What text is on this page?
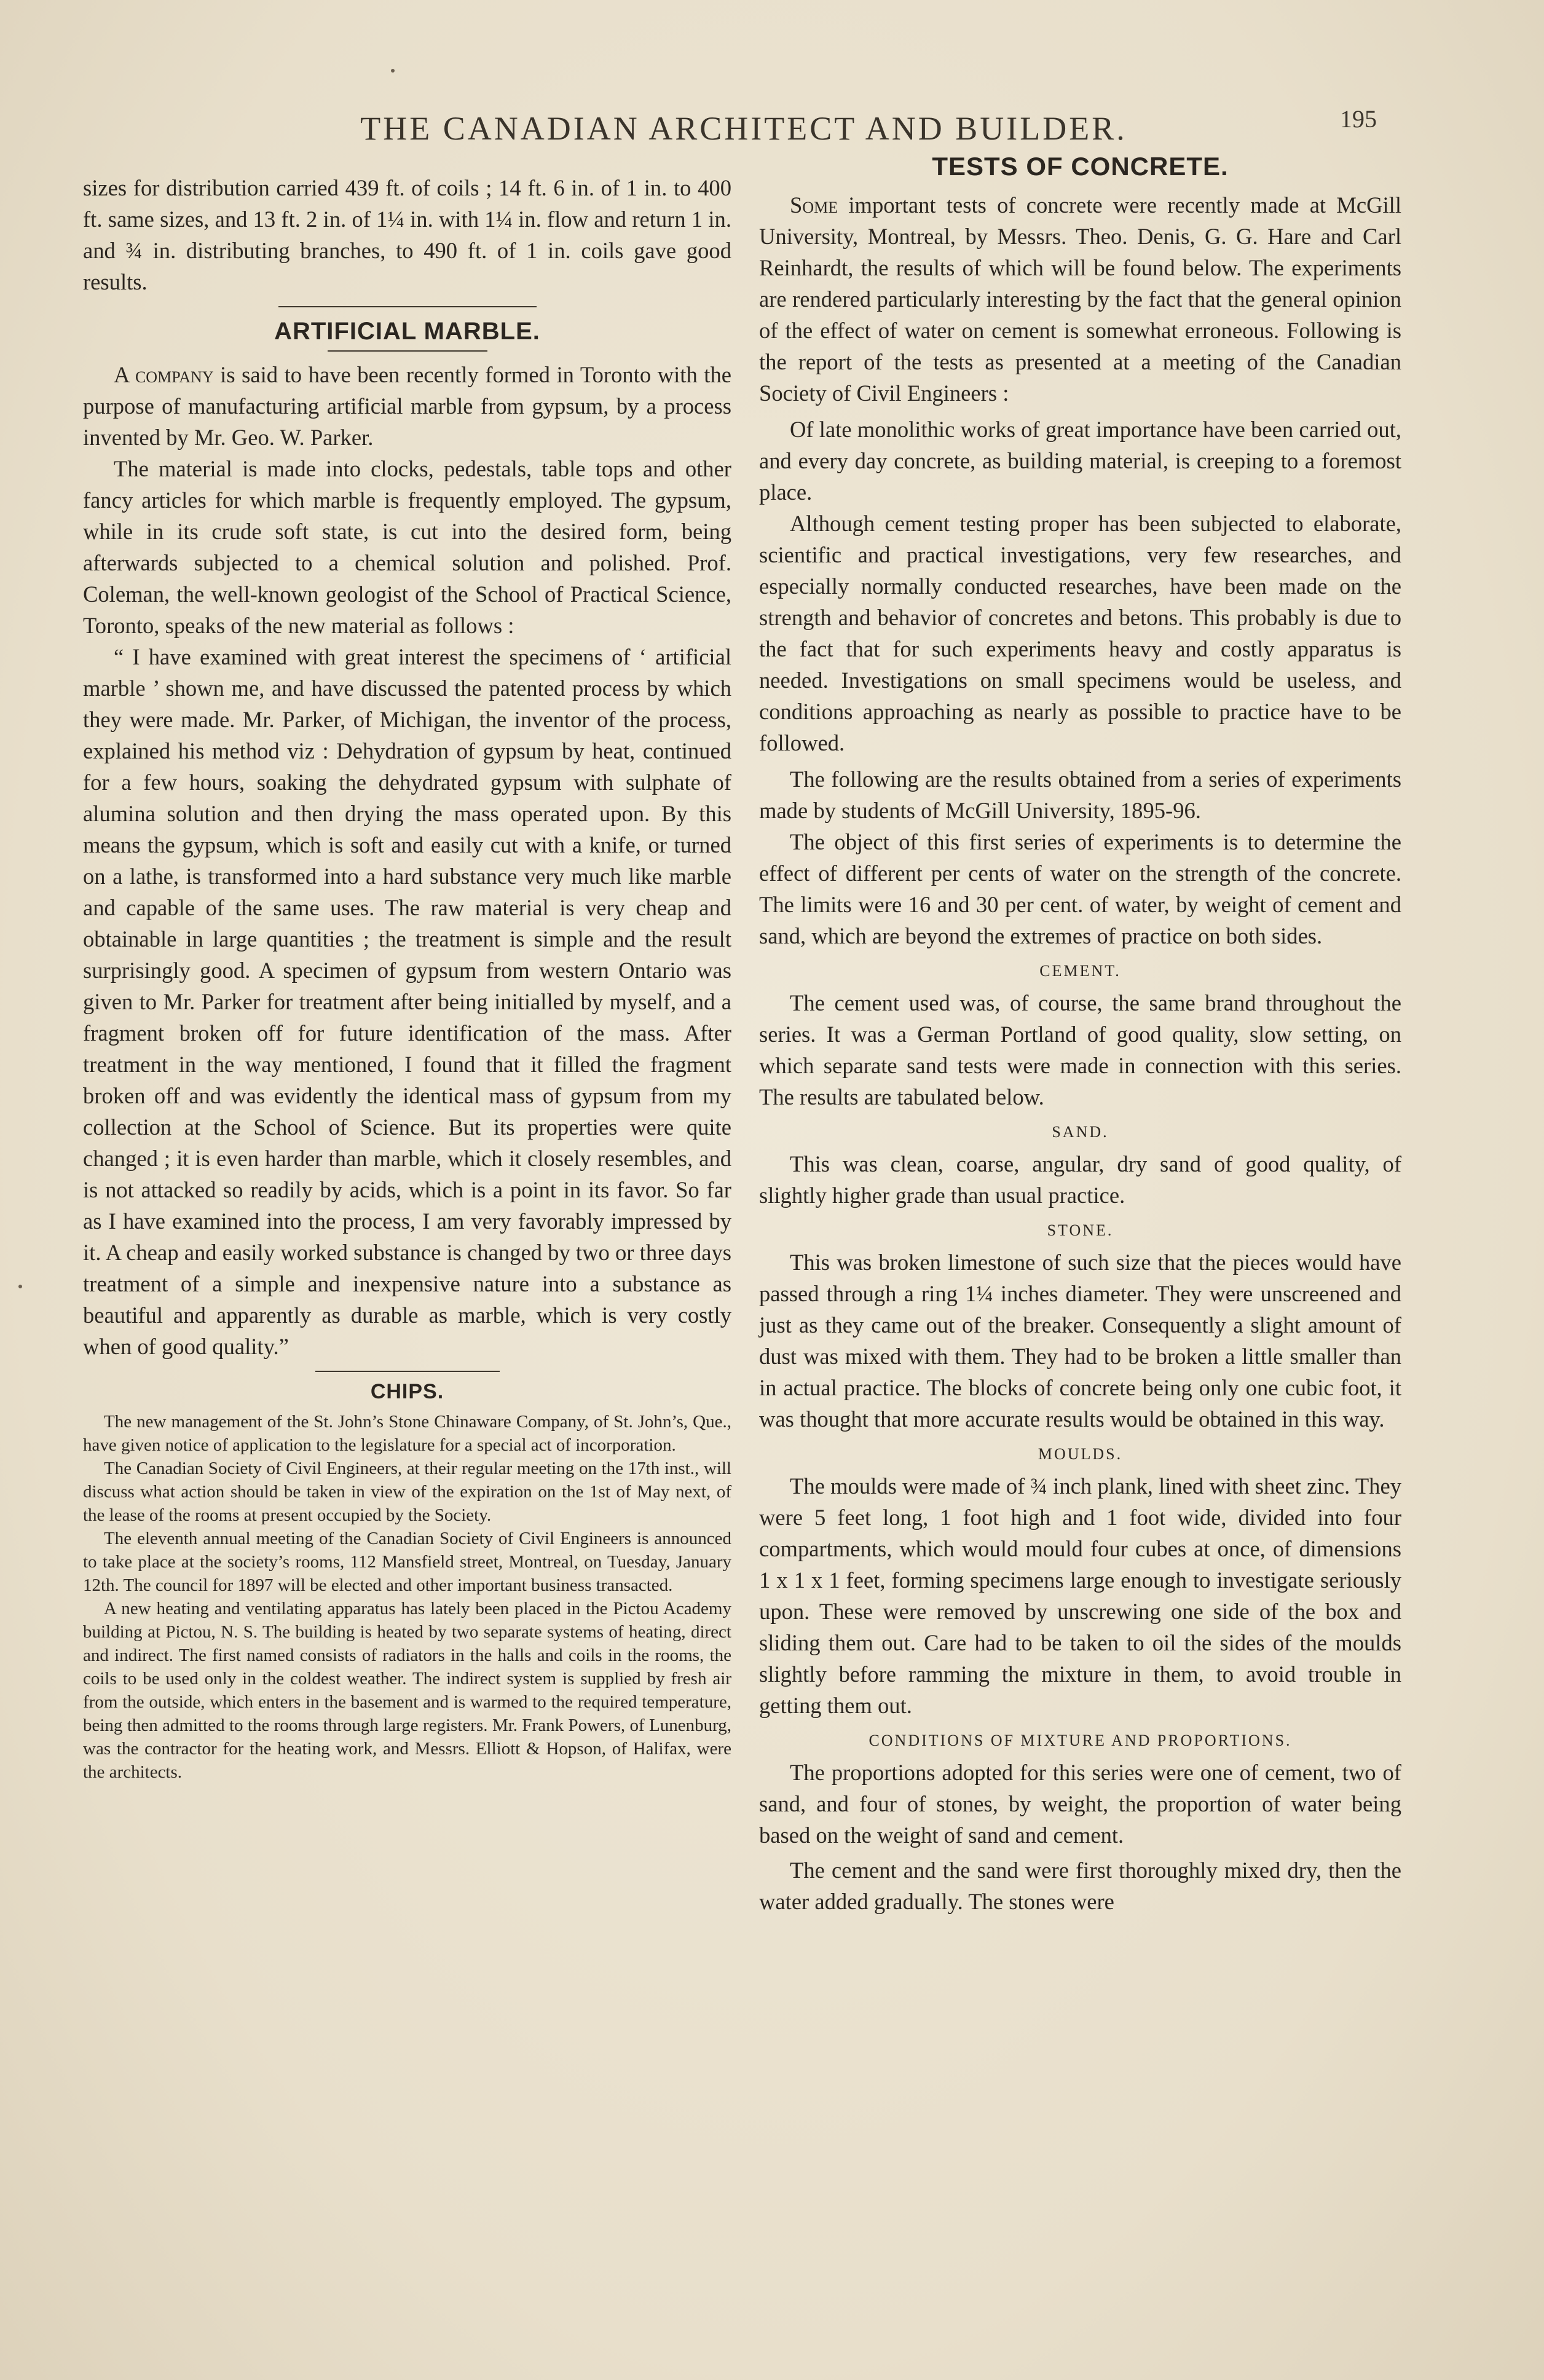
THE CANADIAN ARCHITECT AND BUILDER.	195

sizes for distribution carried 439 ft. of coils ; 14 ft. 6 in. of 1 in. to 400 ft. same sizes, and 13 ft. 2 in. of 1¼ in. with 1¼ in. flow and return 1 in. and ¾ in. distributing branches, to 490 ft. of 1 in. coils gave good results.

ARTIFICIAL MARBLE.

A company is said to have been recently formed in Toronto with the purpose of manufacturing artificial marble from gypsum, by a process invented by Mr. Geo. W. Parker.

The material is made into clocks, pedestals, table tops and other fancy articles for which marble is frequently employed. The gypsum, while in its crude soft state, is cut into the desired form, being afterwards subjected to a chemical solution and polished. Prof. Coleman, the well-known geologist of the School of Practical Science, Toronto, speaks of the new material as follows :

“ I have examined with great interest the specimens of ‘ artificial marble ’ shown me, and have discussed the patented process by which they were made. Mr. Parker, of Michigan, the inventor of the process, explained his method viz : Dehydration of gypsum by heat, continued for a few hours, soaking the dehydrated gypsum with sulphate of alumina solution and then drying the mass operated upon. By this means the gypsum, which is soft and easily cut with a knife, or turned on a lathe, is transformed into a hard substance very much like marble and capable of the same uses. The raw material is very cheap and obtainable in large quantities ; the treatment is simple and the result surprisingly good. A specimen of gypsum from western Ontario was given to Mr. Parker for treatment after being initialled by myself, and a fragment broken off for future identification of the mass. After treatment in the way mentioned, I found that it filled the fragment broken off and was evidently the identical mass of gypsum from my collection at the School of Science. But its properties were quite changed ; it is even harder than marble, which it closely resembles, and is not attacked so readily by acids, which is a point in its favor. So far as I have examined into the process, I am very favorably impressed by it. A cheap and easily worked substance is changed by two or three days treatment of a simple and inexpensive nature into a substance as beautiful and apparently as durable as marble, which is very costly when of good quality.”

CHIPS.

The new management of the St. John’s Stone Chinaware Company, of St. John’s, Que., have given notice of application to the legislature for a special act of incorporation.

The Canadian Society of Civil Engineers, at their regular meeting on the 17th inst., will discuss what action should be taken in view of the expiration on the 1st of May next, of the lease of the rooms at present occupied by the Society.

The eleventh annual meeting of the Canadian Society of Civil Engineers is announced to take place at the society’s rooms, 112 Mansfield street, Montreal, on Tuesday, January 12th. The council for 1897 will be elected and other important business transacted.

A new heating and ventilating apparatus has lately been placed in the Pictou Academy building at Pictou, N. S. The building is heated by two separate systems of heating, direct and indirect. The first named consists of radiators in the halls and coils in the rooms, the coils to be used only in the coldest weather. The indirect system is supplied by fresh air from the outside, which enters in the basement and is warmed to the required temperature, being then admitted to the rooms through large registers. Mr. Frank Powers, of Lunenburg, was the contractor for the heating work, and Messrs. Elliott & Hopson, of Halifax, were the architects.

TESTS OF CONCRETE.

Some important tests of concrete were recently made at McGill University, Montreal, by Messrs. Theo. Denis, G. G. Hare and Carl Reinhardt, the results of which will be found below. The experiments are rendered particularly interesting by the fact that the general opinion of the effect of water on cement is somewhat erroneous. Following is the report of the tests as presented at a meeting of the Canadian Society of Civil Engineers :

Of late monolithic works of great importance have been carried out, and every day concrete, as building material, is creeping to a foremost place.

Although cement testing proper has been subjected to elaborate, scientific and practical investigations, very few researches, and especially normally conducted researches, have been made on the strength and behavior of concretes and betons. This probably is due to the fact that for such experiments heavy and costly apparatus is needed. Investigations on small specimens would be useless, and conditions approaching as nearly as possible to practice have to be followed.

The following are the results obtained from a series of experiments made by students of McGill University, 1895-96.

The object of this first series of experiments is to determine the effect of different per cents of water on the strength of the concrete. The limits were 16 and 30 per cent. of water, by weight of cement and sand, which are beyond the extremes of practice on both sides.

CEMENT.

The cement used was, of course, the same brand throughout the series. It was a German Portland of good quality, slow setting, on which separate sand tests were made in connection with this series. The results are tabulated below.

SAND.

This was clean, coarse, angular, dry sand of good quality, of slightly higher grade than usual practice.

STONE.

This was broken limestone of such size that the pieces would have passed through a ring 1¼ inches diameter. They were unscreened and just as they came out of the breaker. Consequently a slight amount of dust was mixed with them. They had to be broken a little smaller than in actual practice. The blocks of concrete being only one cubic foot, it was thought that more accurate results would be obtained in this way.

MOULDS.

The moulds were made of ¾ inch plank, lined with sheet zinc. They were 5 feet long, 1 foot high and 1 foot wide, divided into four compartments, which would mould four cubes at once, of dimensions 1 x 1 x 1 feet, forming specimens large enough to investigate seriously upon. These were removed by unscrewing one side of the box and sliding them out. Care had to be taken to oil the sides of the moulds slightly before ramming the mixture in them, to avoid trouble in getting them out.

CONDITIONS OF MIXTURE AND PROPORTIONS.

The proportions adopted for this series were one of cement, two of sand, and four of stones, by weight, the proportion of water being based on the weight of sand and cement.

The cement and the sand were first thoroughly mixed dry, then the water added gradually. The stones were
